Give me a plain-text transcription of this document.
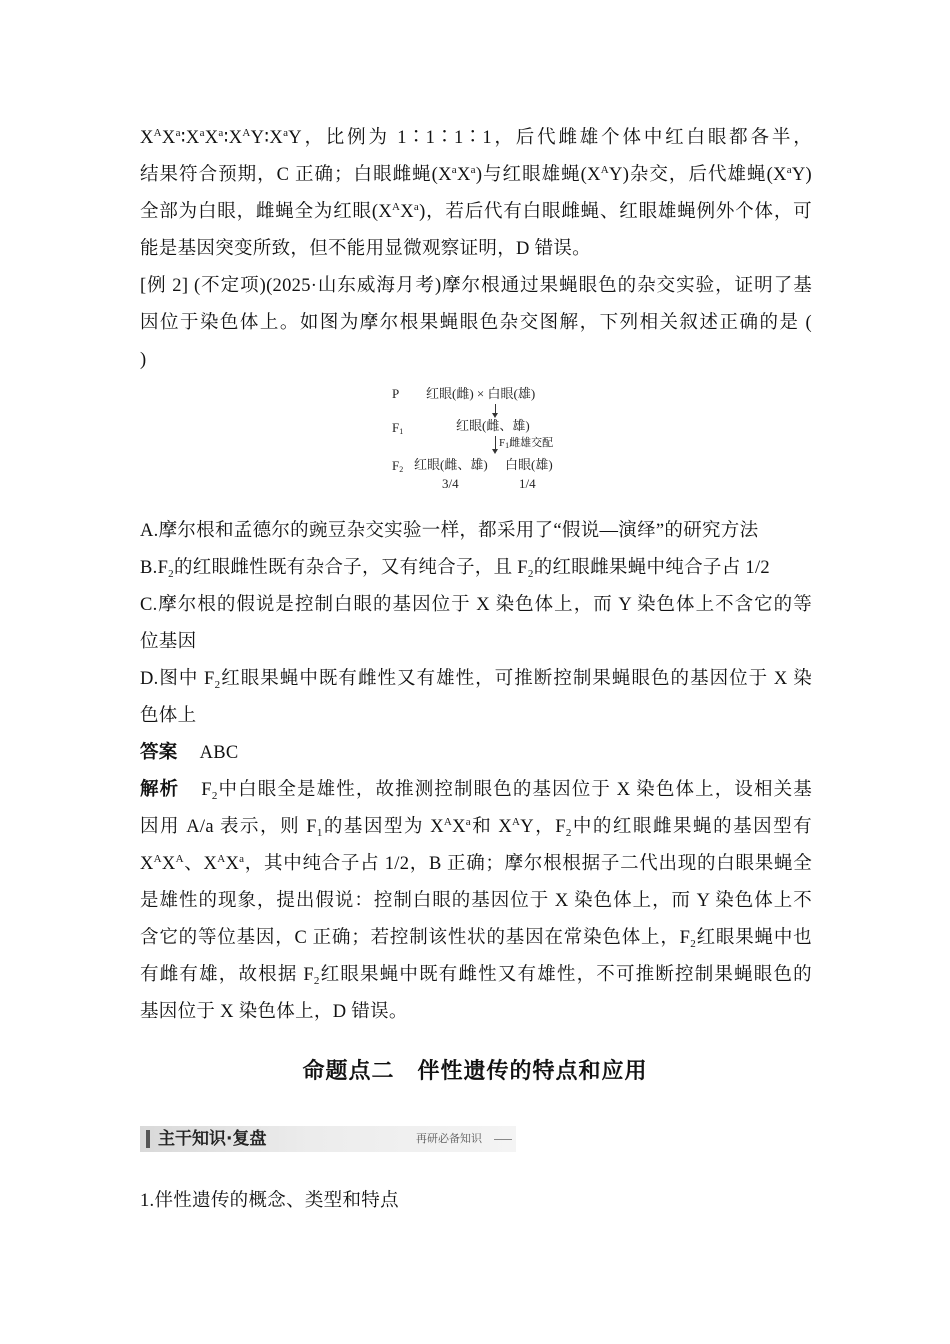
$X^AX^a∶X^aX^a∶X^AY∶X^aY$，比例为 1∶1∶1∶1，后代雌雄个体中红白眼都各半，
结果符合预期，C 正确；白眼雌蝇$(X^aX^a)$与红眼雄蝇$(X^AY)$杂交，后代雄蝇$(X^aY)$
全部为白眼，雌蝇全为红眼$(X^AX^a)$，若后代有白眼雌蝇、红眼雄蝇例外个体，可
能是基因突变所致，但不能用显微观察证明，D 错误。
[例 2] (不定项)(2025·山东威海月考)摩尔根通过果蝇眼色的杂交实验，证明了基
因位于染色体上。如图为摩尔根果蝇眼色杂交图解，下列相关叙述正确的是 (
)
P 红眼(雌) × 白眼(雄)
$F_1$	红眼(雌、雄)
$F_1$雌雄交配
$F_2$ 红眼(雌、雄) 白眼(雄)
3/4	1/4
A.摩尔根和孟德尔的豌豆杂交实验一样，都采用了“假说—演绎”的研究方法
$B.F_2$的红眼雌性既有杂合子，又有纯合子，且 $F_2$的红眼雌果蝇中纯合子占 1/2
C.摩尔根的假说是控制白眼的基因位于 X 染色体上，而 Y 染色体上不含它的等
位基因
D.图中 $F_2$红眼果蝇中既有雌性又有雄性，可推断控制果蝇眼色的基因位于 X 染
色体上
答案 ABC
解析 $F_2$中白眼全是雄性，故推测控制眼色的基因位于 X 染色体上，设相关基
因用 A/a 表示，则 $F_1$的基因型为 $X^AX^a$和 $X^AY$，$F_2$中的红眼雌果蝇的基因型有
$X^AX^A$、$X^AX^a$，其中纯合子占 1/2，B 正确；摩尔根根据子二代出现的白眼果蝇全
是雄性的现象，提出假说：控制白眼的基因位于 X 染色体上，而 Y 染色体上不
含它的等位基因，C 正确；若控制该性状的基因在常染色体上，$F_2$红眼果蝇中也
有雌有雄，故根据 $F_2$红眼果蝇中既有雌性又有雄性，不可推断控制果蝇眼色的
基因位于 X 染色体上，D 错误。
命题点二　伴性遗传的特点和应用
主干知识·复盘	再研必备知识
1.伴性遗传的概念、类型和特点
